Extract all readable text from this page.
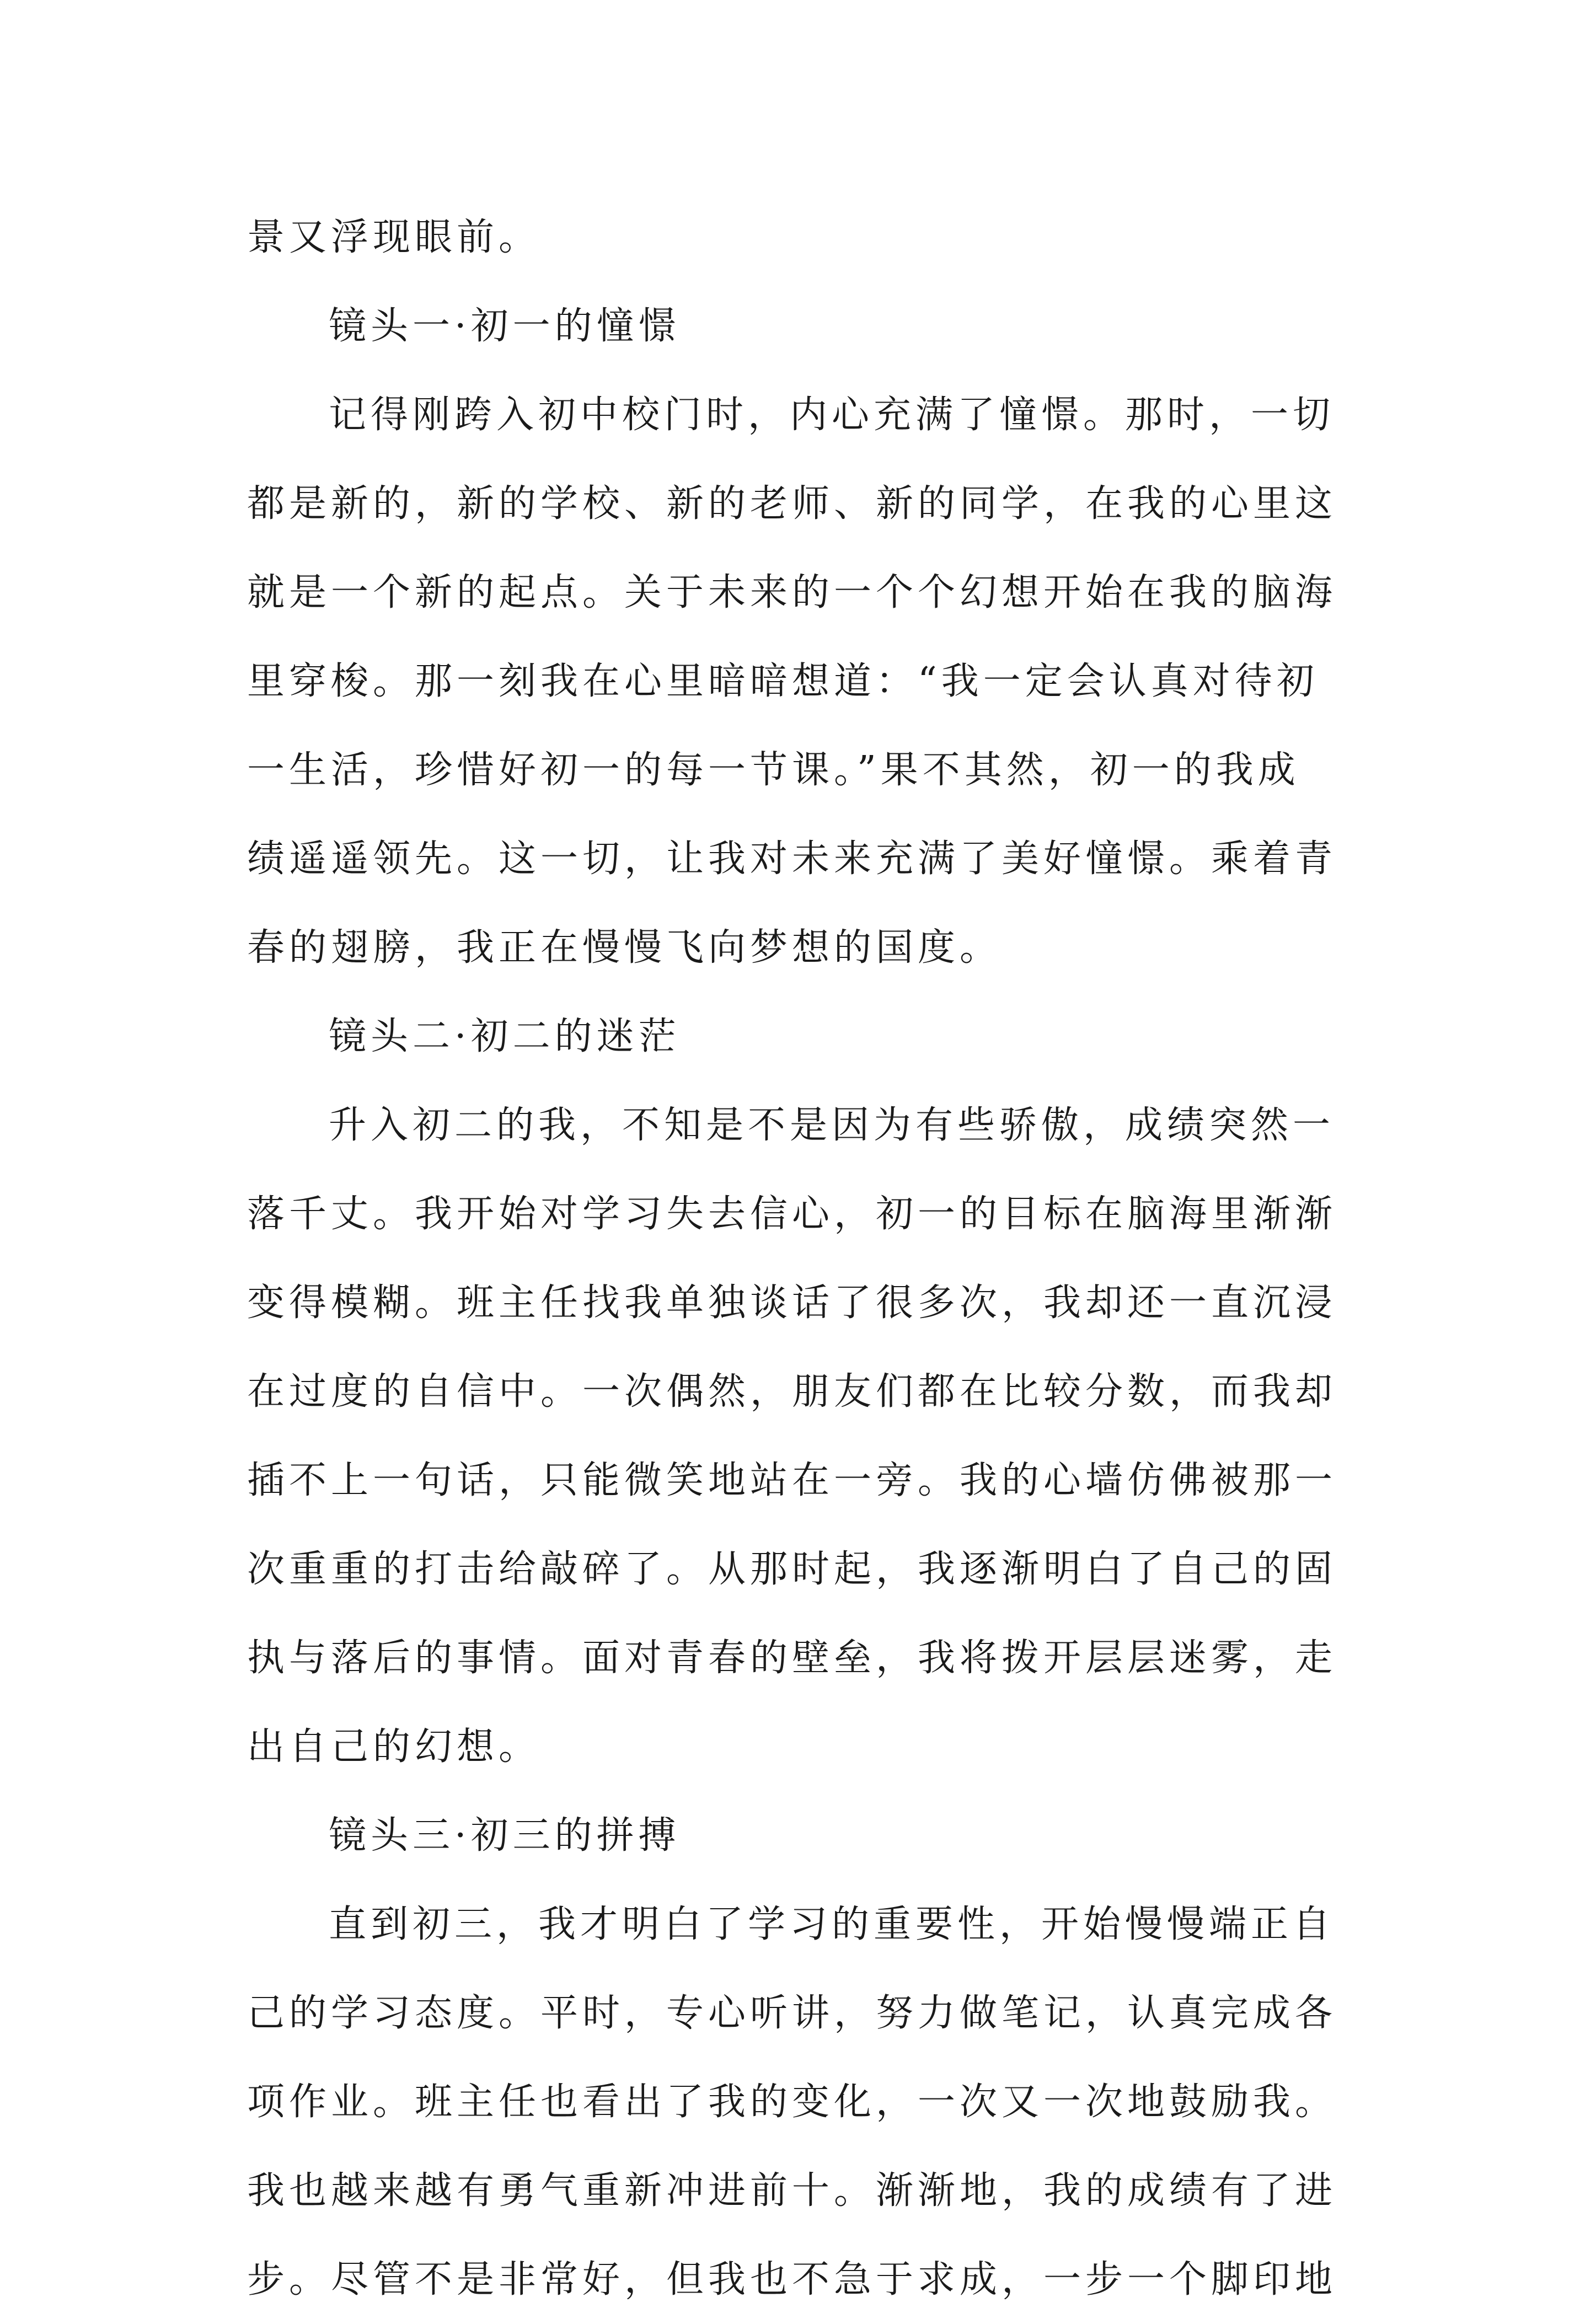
景又浮现眼前。
镜头一·初一的憧憬
记得刚跨入初中校门时，内心充满了憧憬。那时，一切
都是新的，新的学校、新的老师、新的同学，在我的心里这
就是一个新的起点。关于未来的一个个幻想开始在我的脑海
里穿梭。那一刻我在心里暗暗想道：“我一定会认真对待初
一生活，珍惜好初一的每一节课。”果不其然，初一的我成
绩遥遥领先。这一切，让我对未来充满了美好憧憬。乘着青
春的翅膀，我正在慢慢飞向梦想的国度。
镜头二·初二的迷茫
升入初二的我，不知是不是因为有些骄傲，成绩突然一
落千丈。我开始对学习失去信心，初一的目标在脑海里渐渐
变得模糊。班主任找我单独谈话了很多次，我却还一直沉浸
在过度的自信中。一次偶然，朋友们都在比较分数，而我却
插不上一句话，只能微笑地站在一旁。我的心墙仿佛被那一
次重重的打击给敲碎了。从那时起，我逐渐明白了自己的固
执与落后的事情。面对青春的壁垒，我将拨开层层迷雾，走
出自己的幻想。
镜头三·初三的拼搏
直到初三，我才明白了学习的重要性，开始慢慢端正自
己的学习态度。平时，专心听讲，努力做笔记，认真完成各
项作业。班主任也看出了我的变化，一次又一次地鼓励我。
我也越来越有勇气重新冲进前十。渐渐地，我的成绩有了进
步。尽管不是非常好，但我也不急于求成，一步一个脚印地
